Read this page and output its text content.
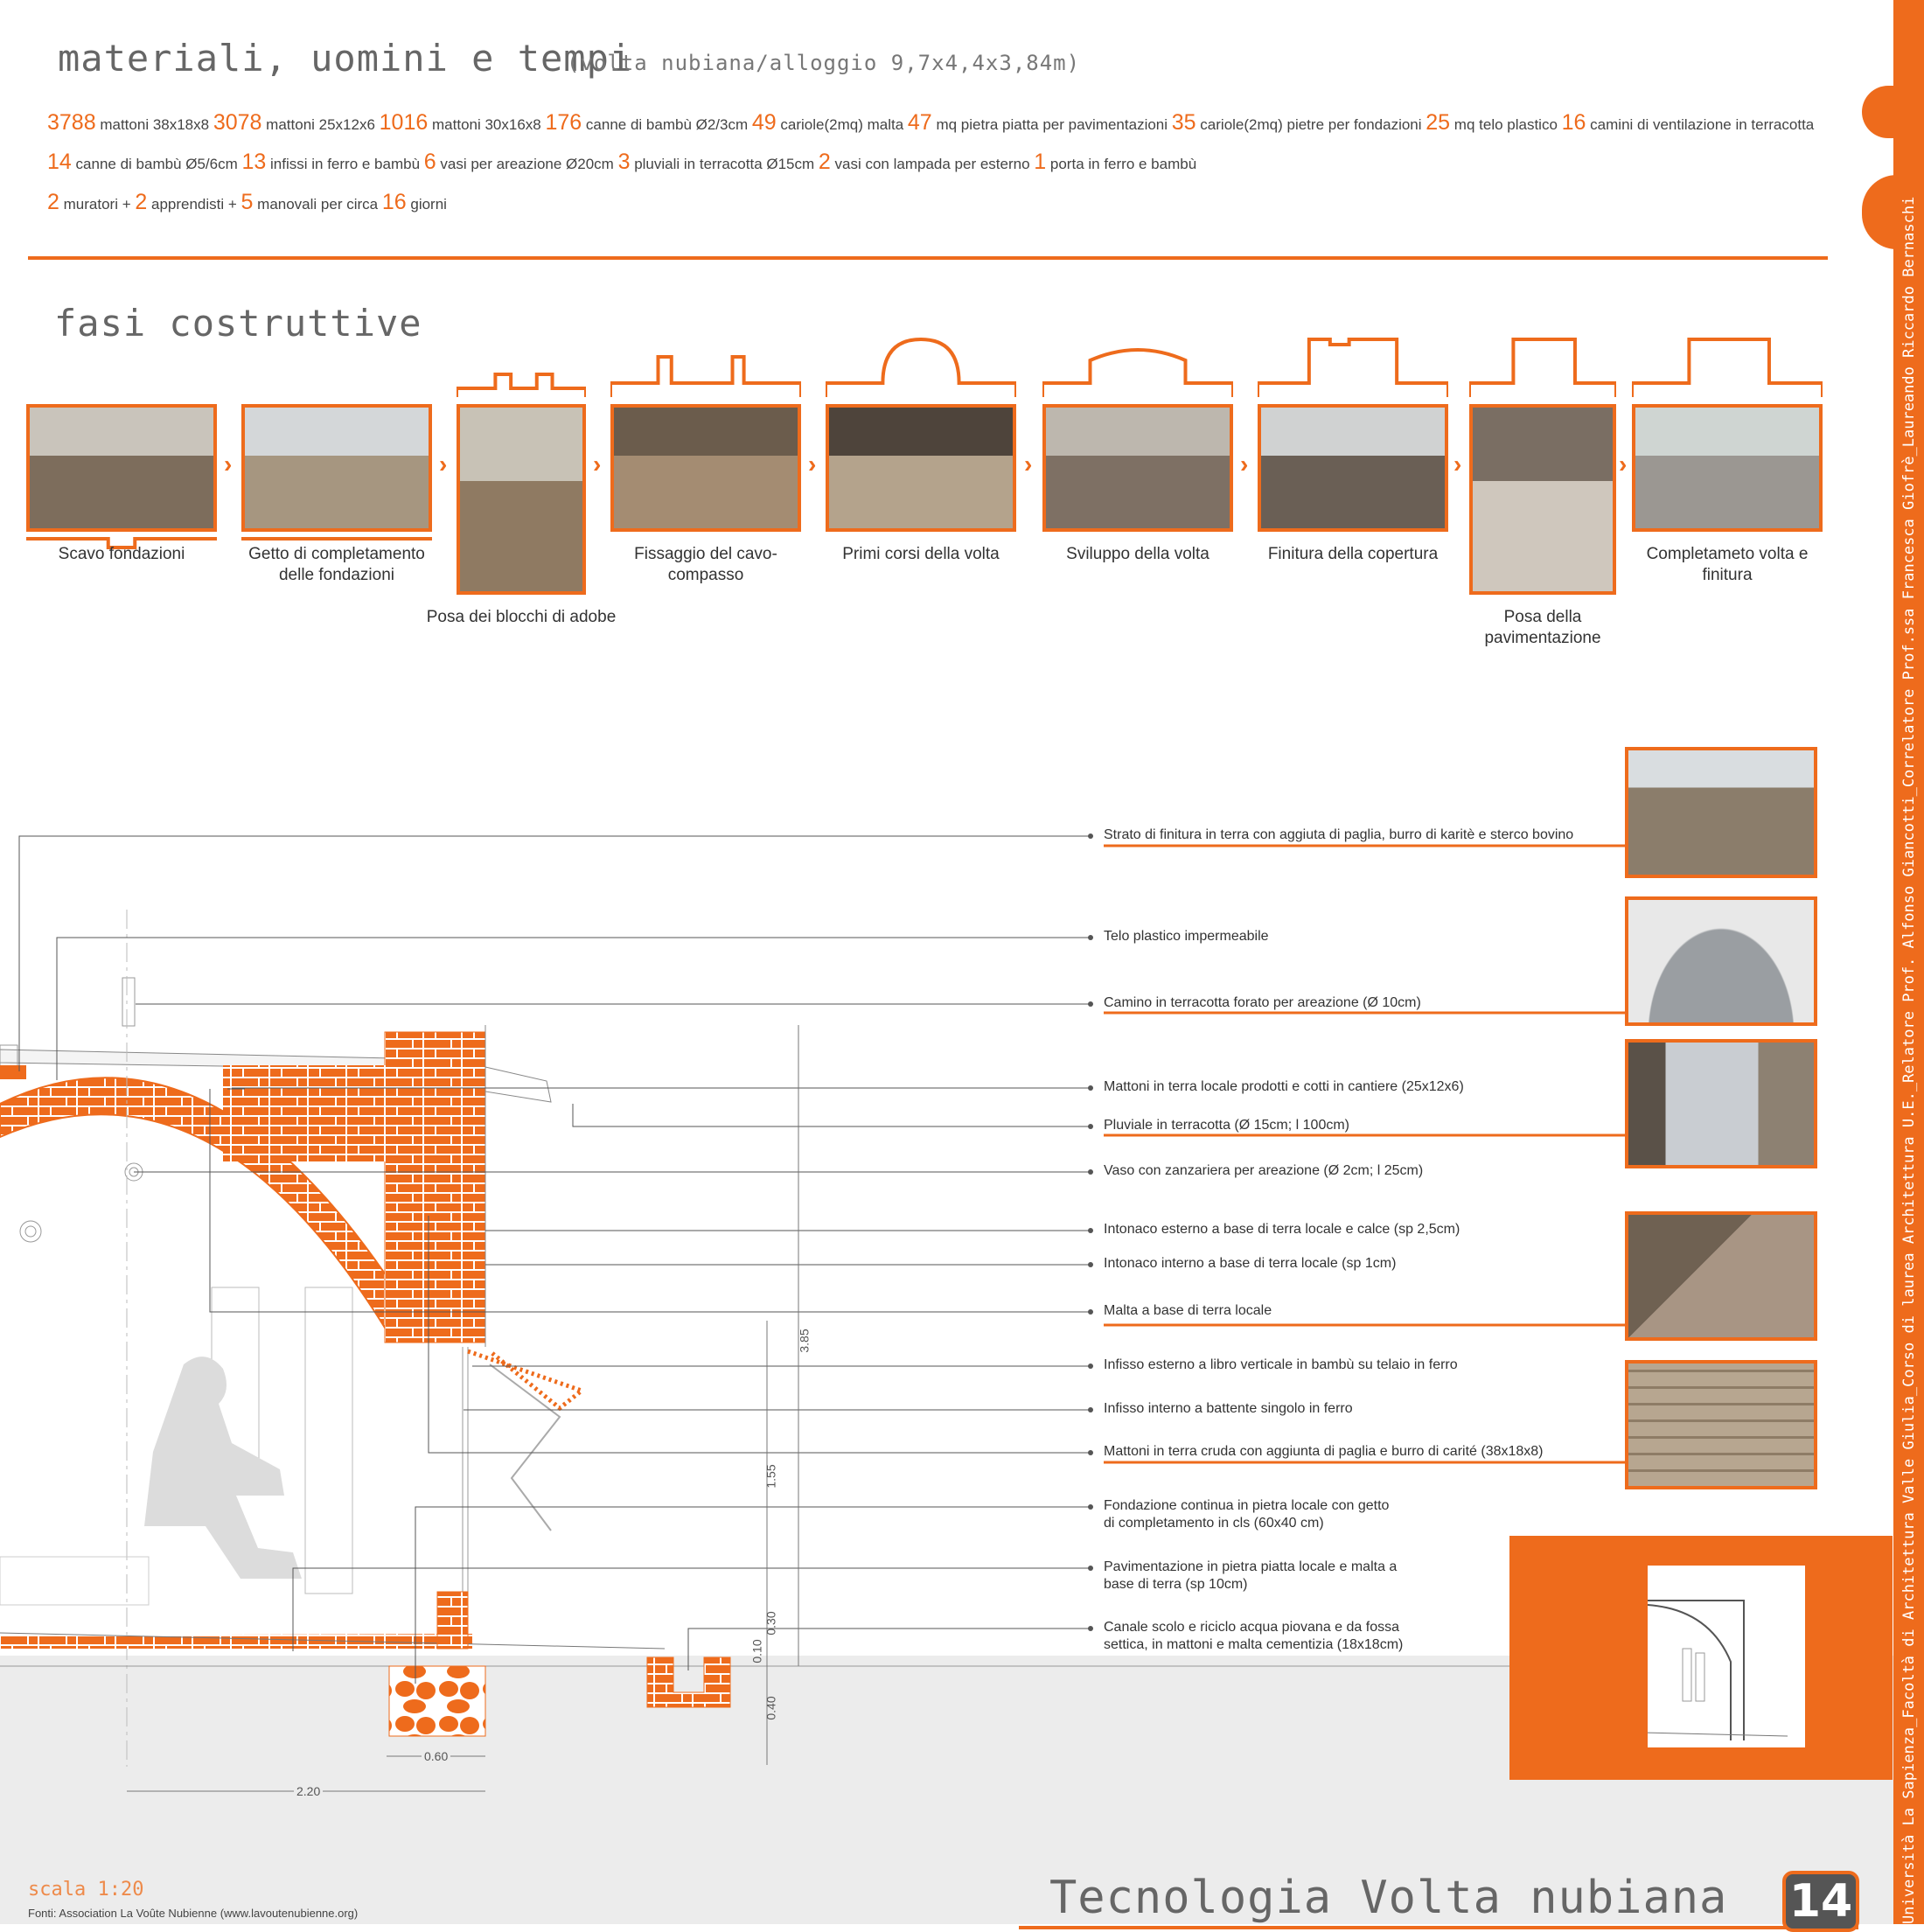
materiali, uomini e tempi
(volta nubiana/alloggio 9,7x4,4x3,84m)
3788 mattoni 38x18x8 3078 mattoni 25x12x6 1016 mattoni 30x16x8 176 canne di bambù Ø2/3cm 49 cariole(2mq) malta 47 mq pietra piatta per pavimentazioni 35 cariole(2mq) pietre per fondazioni 25 mq telo plastico 16 camini di ventilazione in terracotta
14 canne di bambù Ø5/6cm 13 infissi in ferro e bambù 6 vasi per areazione Ø20cm 3 pluviali in terracotta Ø15cm 2 vasi con lampada per esterno 1 porta in ferro e bambù
2 muratori + 2 apprendisti + 5 manovali per circa 16 giorni
fasi costruttive
Scavo fondazioni
›
Getto di completamento delle fondazioni
›
Posa dei blocchi di adobe
›
Fissaggio del cavo-compasso
›
Primi corsi della volta
›
Sviluppo della volta
›
Finitura della copertura
›
Posa della pavimentazione
›
Completameto volta e finitura
3.85
1.55
0.30
0.10
0.40
0.60
2.20
Strato di finitura in terra con aggiuta di paglia, burro di karitè e sterco bovino
Telo plastico impermeabile
Camino in terracotta forato per areazione (Ø 10cm)
Mattoni in terra locale prodotti e cotti in cantiere (25x12x6)
Pluviale in terracotta (Ø 15cm; l 100cm)
Vaso con zanzariera per areazione (Ø 2cm; l 25cm)
Intonaco esterno a base di terra locale e calce (sp 2,5cm)
Intonaco interno a base di terra locale (sp 1cm)
Malta a base di terra locale
Infisso esterno a libro verticale in bambù su telaio in ferro
Infisso interno a battente singolo in ferro
Mattoni in terra cruda con aggiunta di paglia e burro di carité (38x18x8)
Fondazione continua in pietra locale con getto
di completamento in cls (60x40 cm)
Pavimentazione in pietra piatta locale e malta a
base di terra (sp 10cm)
Canale scolo e riciclo acqua piovana e da fossa
settica, in mattoni e malta cementizia (18x18cm)	Università La Sapienza_Facoltà di Architettura Valle Giulia_Corso di laurea Architettura U.E._Relatore Prof. Alfonso Giancotti_Correlatore Prof.ssa Francesca Giofrè_Laureando Riccardo Bernaschi
Tecnologia Volta nubiana 14
scala 1:20
Fonti: Association La Voûte Nubienne (www.lavoutenubienne.org)
